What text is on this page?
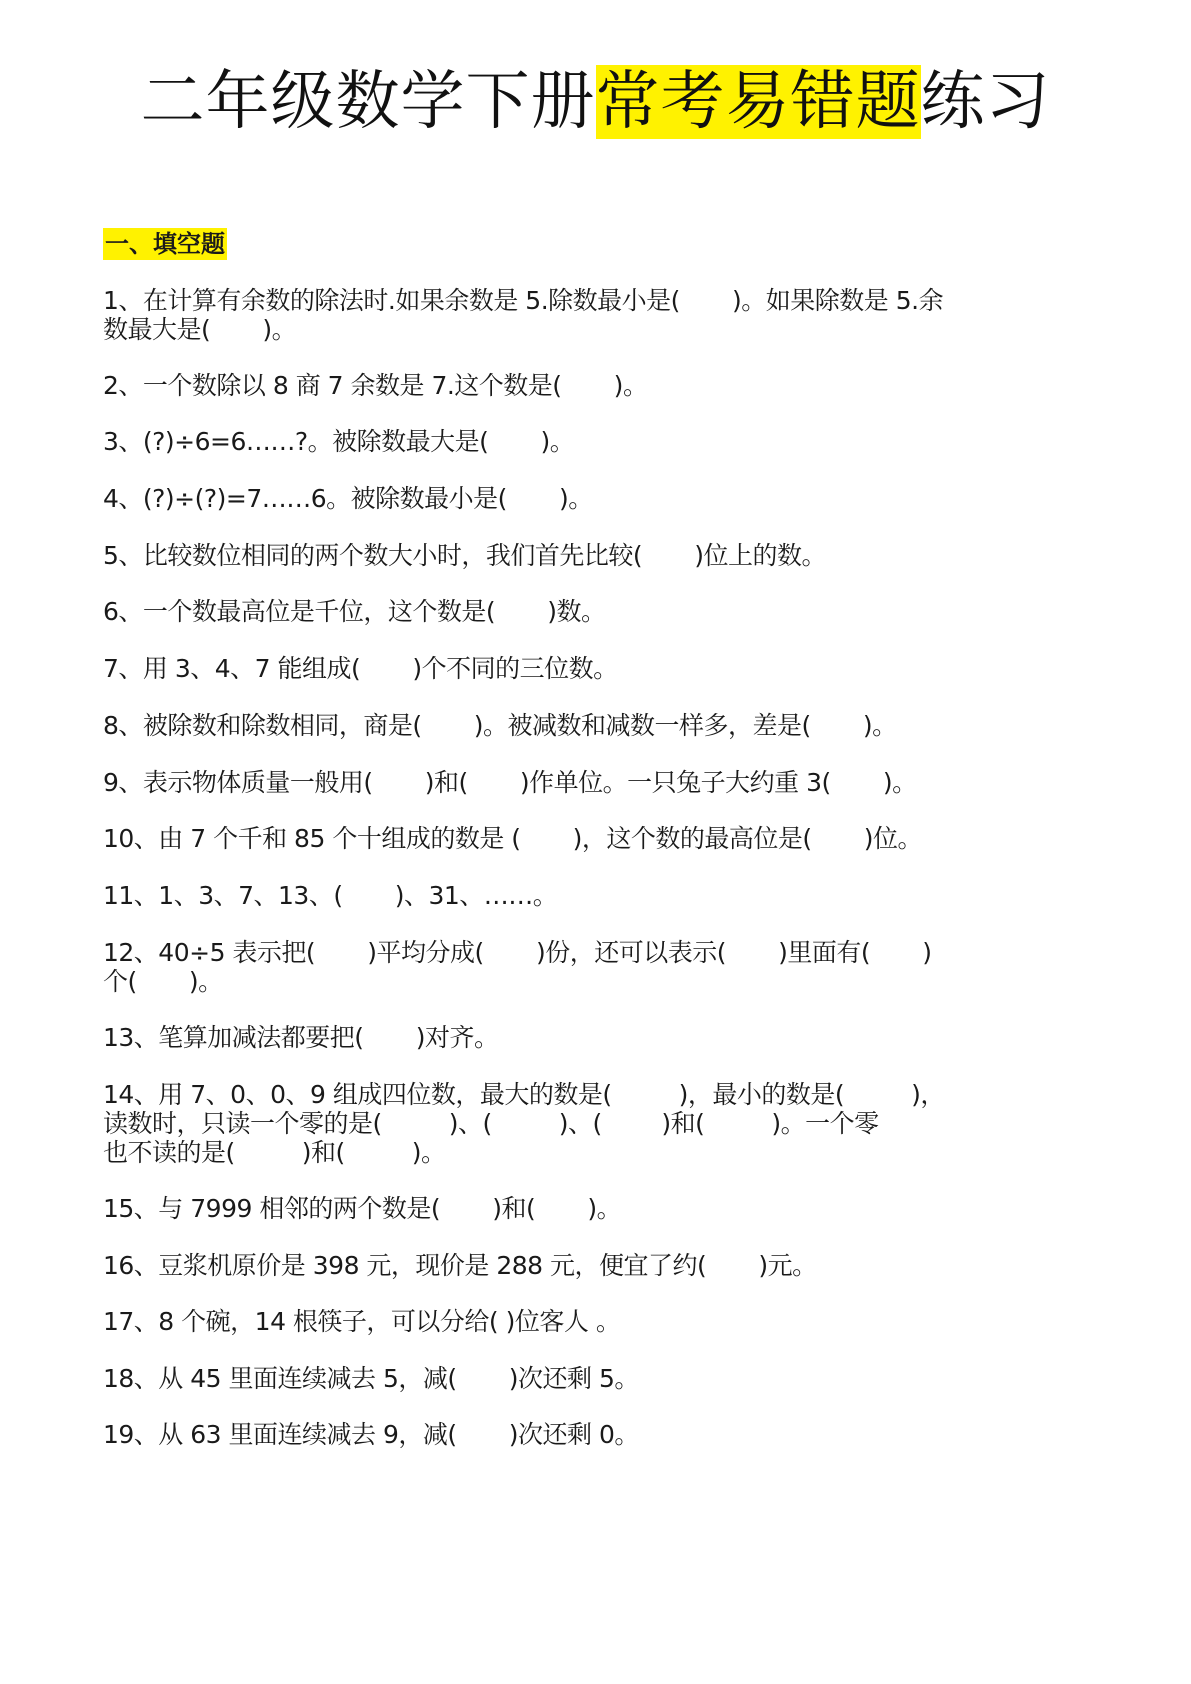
二年级数学下册常考易错题练习
一、填空题
1、在计算有余数的除法时.如果余数是 5.除数最小是(       )。如果除数是 5.余
数最大是(       )。
2、一个数除以 8 商 7 余数是 7.这个数是(       )。
3、(?)÷6=6……?。被除数最大是(       )。
4、(?)÷(?)=7……6。被除数最小是(       )。
5、比较数位相同的两个数大小时，我们首先比较(       )位上的数。
6、一个数最高位是千位，这个数是(       )数。
7、用 3、4、7 能组成(       )个不同的三位数。
8、被除数和除数相同，商是(       )。被减数和减数一样多，差是(       )。
9、表示物体质量一般用(       )和(       )作单位。一只兔子大约重 3(       )。
10、由 7 个千和 85 个十组成的数是 (       )，这个数的最高位是(       )位。
11、1、3、7、13、(       )、31、……。
12、40÷5 表示把(       )平均分成(       )份，还可以表示(       )里面有(       )
个(       )。
13、笔算加减法都要把(       )对齐。
14、用 7、0、0、9 组成四位数，最大的数是(         )，最小的数是(         )，
读数时，只读一个零的是(         )、(         )、(        )和(         )。一个零
也不读的是(         )和(         )。
15、与 7999 相邻的两个数是(       )和(       )。
16、豆浆机原价是 398 元，现价是 288 元，便宜了约(       )元。
17、8 个碗，14 根筷子，可以分给( )位客人 。
18、从 45 里面连续减去 5，减(       )次还剩 5。
19、从 63 里面连续减去 9，减(       )次还剩 0。
